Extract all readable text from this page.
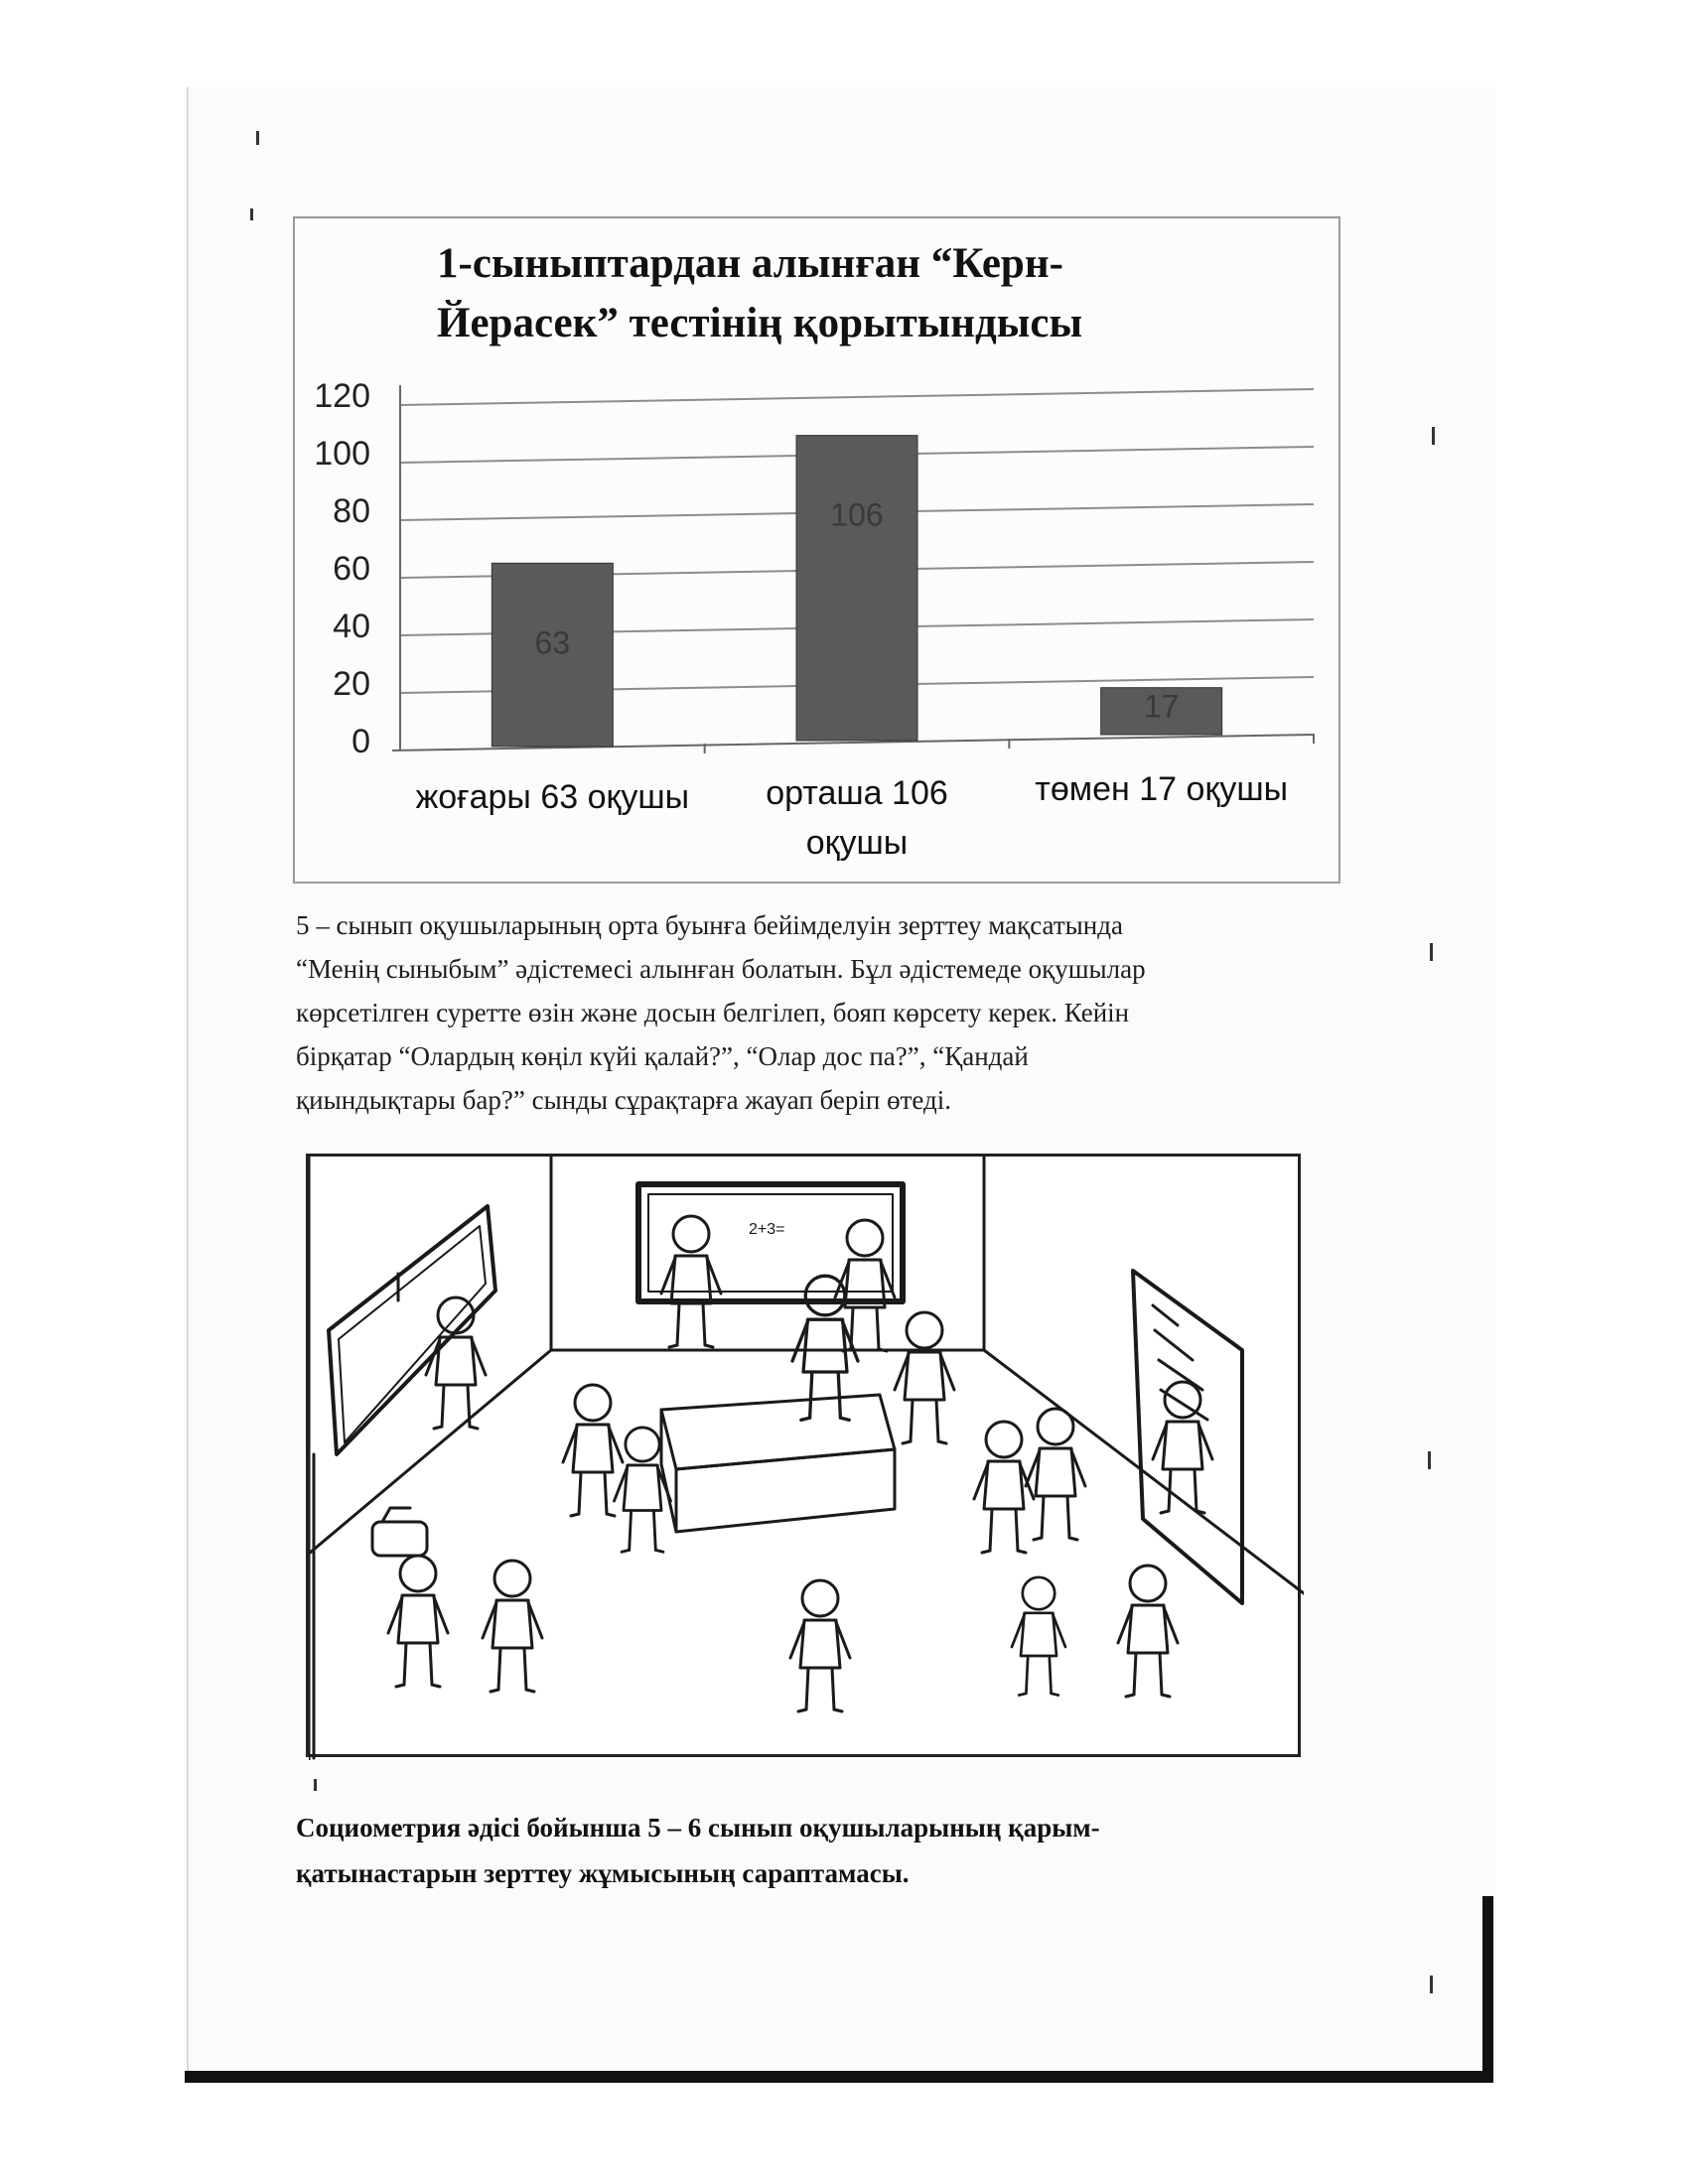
1-сыныптардан алынған “Керн-
Йерасек” тестінің қорытындысы
0
20
40
60
80
100
120
63
жоғары 63 оқушы
106
орташа 106
оқушы
17
төмен 17 оқушы

5 – сынып оқушыларының орта буынға бейімделуін зерттеу мақсатында

“Менің сыныбым” әдістемесі алынған болатын. Бұл әдістемеде оқушылар

көрсетілген суретте өзін және досын белгілеп, бояп көрсету керек. Кейін

бірқатар “Олардың көңіл күйі қалай?”, “Олар дос па?”, “Қандай

қиындықтары бар?” сынды сұрақтарға жауап беріп өтеді.

2+3=

Социометрия әдісі бойынша 5 – 6 сынып оқушыларының қарым-

қатынастарын зерттеу жұмысының сараптамасы.
